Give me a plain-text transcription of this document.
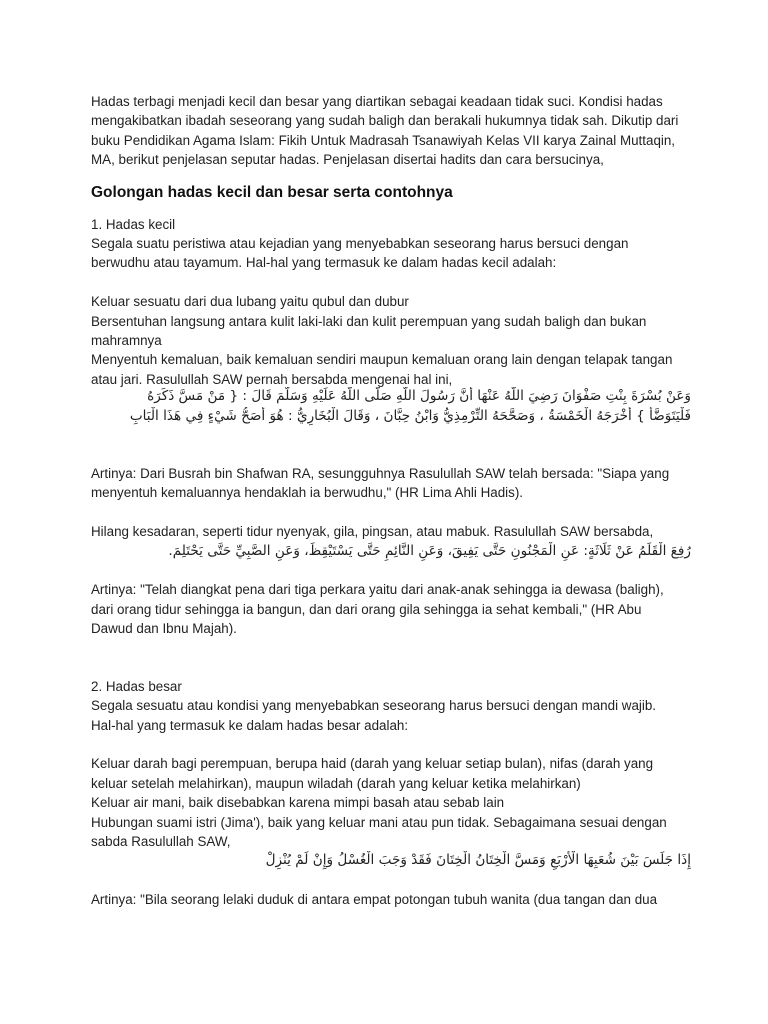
Hadas terbagi menjadi kecil dan besar yang diartikan sebagai keadaan tidak suci. Kondisi hadas mengakibatkan ibadah seseorang yang sudah baligh dan berakali hukumnya tidak sah. Dikutip dari buku Pendidikan Agama Islam: Fikih Untuk Madrasah Tsanawiyah Kelas VII karya Zainal Muttaqin, MA, berikut penjelasan seputar hadas. Penjelasan disertai hadits dan cara bersucinya,

Golongan hadas kecil dan besar serta contohnya

1. Hadas kecil

Segala suatu peristiwa atau kejadian yang menyebabkan seseorang harus bersuci dengan berwudhu atau tayamum. Hal-hal yang termasuk ke dalam hadas kecil adalah:

Keluar sesuatu dari dua lubang yaitu qubul dan dubur

Bersentuhan langsung antara kulit laki-laki dan kulit perempuan yang sudah baligh dan bukan mahramnya

Menyentuh kemaluan, baik kemaluan sendiri maupun kemaluan orang lain dengan telapak tangan atau jari. Rasulullah SAW pernah bersabda mengenai hal ini,

وَعَنْ بُسْرَةَ بِنْتِ صَفْوَانَ رَضِيَ اللَّهُ عَنْهَا أَنَّ رَسُولَ اللَّهِ صَلَّى اللَّهُ عَلَيْهِ وَسَلَّمَ قَالَ : { مَنْ مَسَّ ذَكَرَهُ
فَلْيَتَوَضَّأْ } أَخْرَجَهُ الْخَمْسَةُ ، وَصَحَّحَهُ التِّرْمِذِيُّ وَابْنُ حِبَّانَ ، وَقَالَ الْبُخَارِيُّ : هُوَ أَصَحُّ شَيْءٍ فِي هَذَا الْبَابِ

Artinya: Dari Busrah bin Shafwan RA, sesungguhnya Rasulullah SAW telah bersada: "Siapa yang menyentuh kemaluannya hendaklah ia berwudhu," (HR Lima Ahli Hadis).

Hilang kesadaran, seperti tidur nyenyak, gila, pingsan, atau mabuk. Rasulullah SAW bersabda,

رُفِعَ الْقَلَمُ عَنْ ثَلَاثَةٍ: عَنِ الْمَجْنُونِ حَتَّى يَفِيقَ، وَعَنِ النَّائِمِ حَتَّى يَسْتَيْقِظَ، وَعَنِ الصَّبِيِّ حَتَّى يَحْتَلِمَ.

Artinya: "Telah diangkat pena dari tiga perkara yaitu dari anak-anak sehingga ia dewasa (baligh), dari orang tidur sehingga ia bangun, dan dari orang gila sehingga ia sehat kembali," (HR Abu Dawud dan Ibnu Majah).

2. Hadas besar

Segala sesuatu atau kondisi yang menyebabkan seseorang harus bersuci dengan mandi wajib. Hal-hal yang termasuk ke dalam hadas besar adalah:

Keluar darah bagi perempuan, berupa haid (darah yang keluar setiap bulan), nifas (darah yang keluar setelah melahirkan), maupun wiladah (darah yang keluar ketika melahirkan)

Keluar air mani, baik disebabkan karena mimpi basah atau sebab lain

Hubungan suami istri (Jima'), baik yang keluar mani atau pun tidak. Sebagaimana sesuai dengan sabda Rasulullah SAW,

إِذَا جَلَسَ بَيْنَ شُعَبِهَا الْأَرْبَعِ وَمَسَّ الْخِتَانُ الْخِتَانَ فَقَدْ وَجَبَ الْغُسْلُ وَإِنْ لَمْ يُنْزِلْ

Artinya: "Bila seorang lelaki duduk di antara empat potongan tubuh wanita (dua tangan dan dua
